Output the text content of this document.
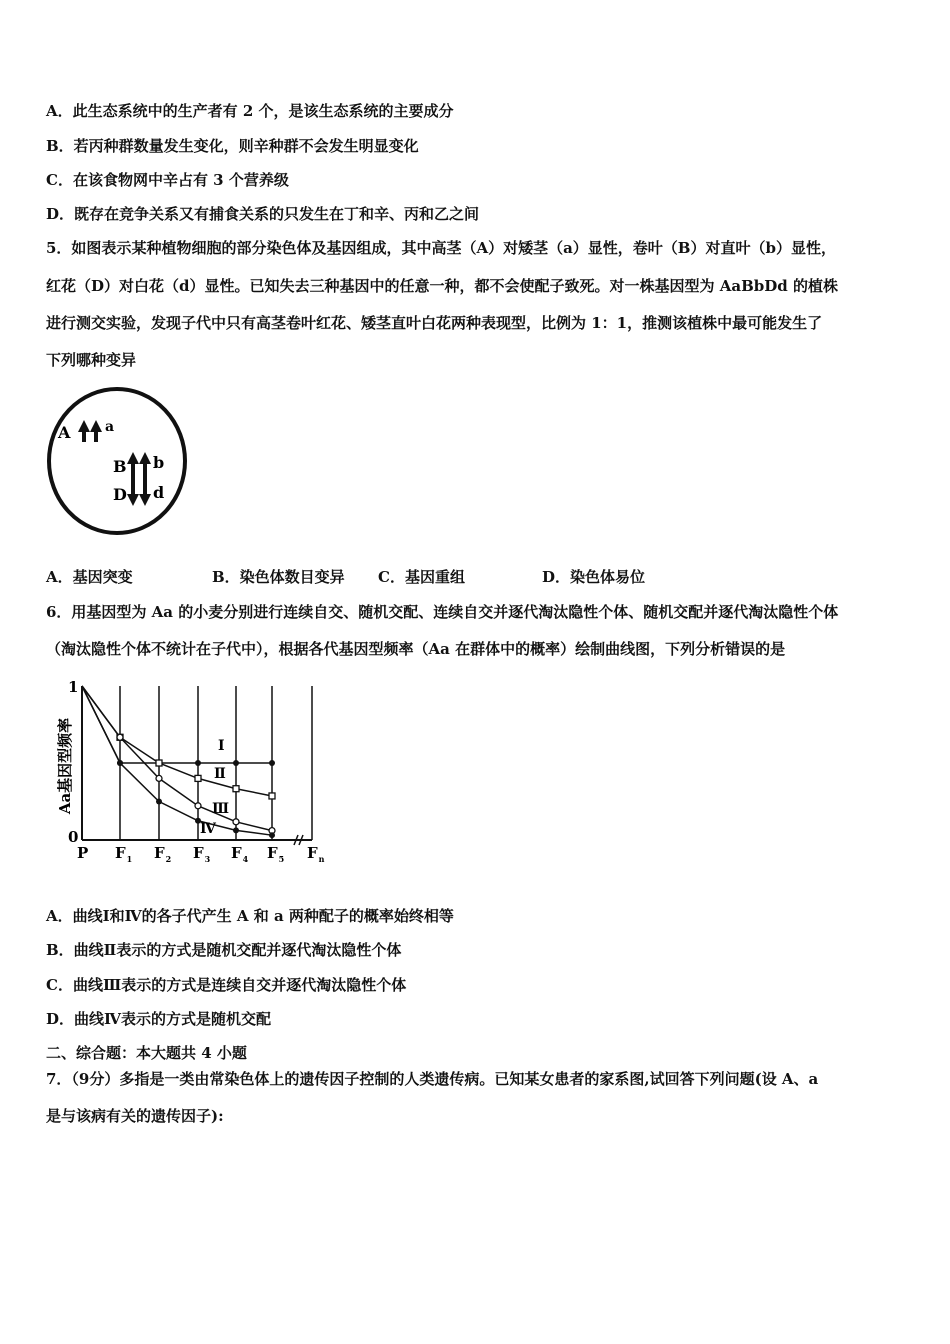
A．此生态系统中的生产者有 2 个，是该生态系统的主要成分
B．若丙种群数量发生变化，则辛种群不会发生明显变化
C．在该食物网中辛占有 3 个营养级
D．既存在竞争关系又有捕食关系的只发生在丁和辛、丙和乙之间
5．如图表示某种植物细胞的部分染色体及基因组成，其中高茎（A）对矮茎（a）显性，卷叶（B）对直叶（b）显性，
红花（D）对白花（d）显性。已知失去三种基因中的任意一种，都不会使配子致死。对一株基因型为 AaBbDd 的植株
进行测交实验，发现子代中只有高茎卷叶红花、矮茎直叶白花两种表现型，比例为 1：1，推测该植株中最可能发生了
下列哪种变异
A a
B b
D d
A．基因突变	B．染色体数目变异 C．基因重组	D．染色体易位
6．用基因型为 Aa 的小麦分别进行连续自交、随机交配、连续自交并逐代淘汰隐性个体、随机交配并逐代淘汰隐性个体
（淘汰隐性个体不统计在子代中），根据各代基因型频率（Aa 在群体中的概率）绘制曲线图，下列分析错误的是
1
0
Aa基因型频率
P $F_1$ $F_2$ $F_3$ $F_4$ $F_5$ $F_n$
Ⅰ
Ⅱ
Ⅲ
Ⅳ
A．曲线Ⅰ和Ⅳ的各子代产生 A 和 a 两种配子的概率始终相等
B．曲线Ⅱ表示的方式是随机交配并逐代淘汰隐性个体
C．曲线Ⅲ表示的方式是连续自交并逐代淘汰隐性个体
D．曲线Ⅳ表示的方式是随机交配
二、综合题：本大题共 4 小题
7．（9分）多指是一类由常染色体上的遗传因子控制的人类遗传病。已知某女患者的家系图,试回答下列问题(设 A、a
是与该病有关的遗传因子):
